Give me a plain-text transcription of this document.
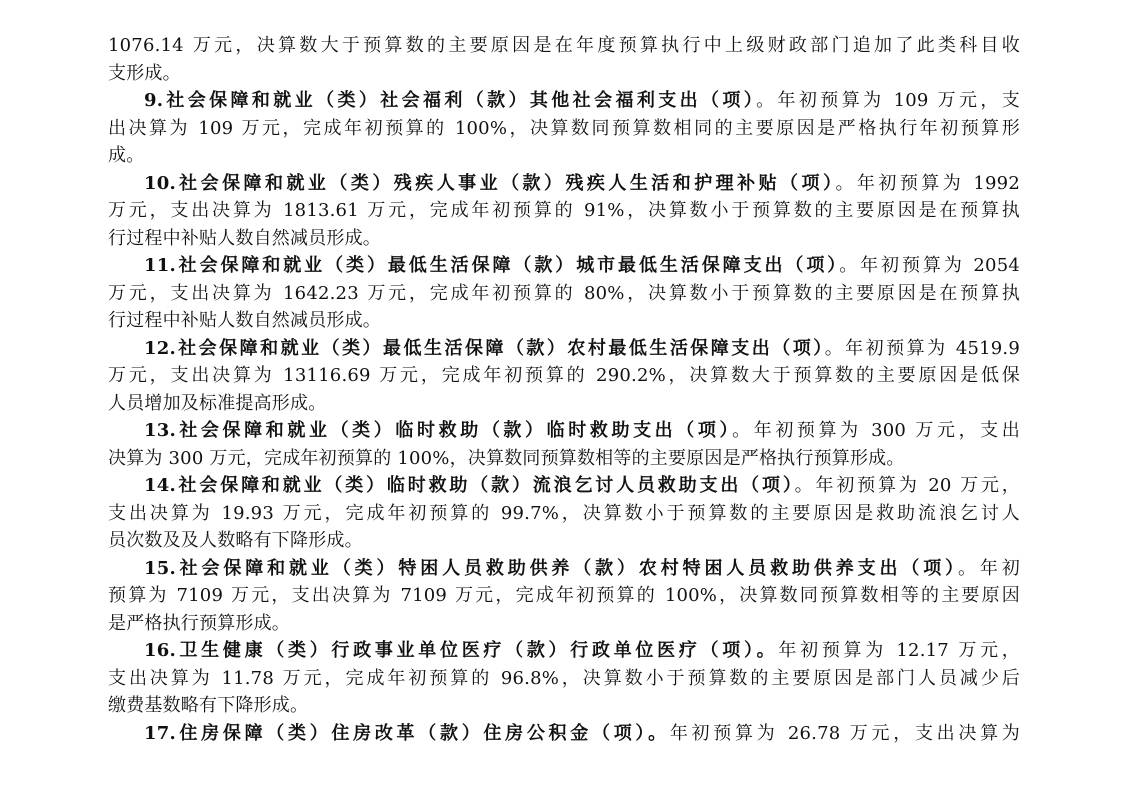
1076.14 万元，决算数大于预算数的主要原因是在年度预算执行中上级财政部门追加了此类科目收
支形成。
9.社会保障和就业（类）社会福利（款）其他社会福利支出（项）。年初预算为 109 万元，支
出决算为 109 万元，完成年初预算的 100%，决算数同预算数相同的主要原因是严格执行年初预算形
成。
10.社会保障和就业（类）残疾人事业（款）残疾人生活和护理补贴（项）。年初预算为 1992
万元，支出决算为 1813.61 万元，完成年初预算的 91%，决算数小于预算数的主要原因是在预算执
行过程中补贴人数自然减员形成。
11.社会保障和就业（类）最低生活保障（款）城市最低生活保障支出（项）。年初预算为 2054
万元，支出决算为 1642.23 万元，完成年初预算的 80%，决算数小于预算数的主要原因是在预算执
行过程中补贴人数自然减员形成。
12.社会保障和就业（类）最低生活保障（款）农村最低生活保障支出（项）。年初预算为 4519.9
万元，支出决算为 13116.69 万元，完成年初预算的 290.2%，决算数大于预算数的主要原因是低保
人员增加及标准提高形成。
13.社会保障和就业（类）临时救助（款）临时救助支出（项）。年初预算为 300 万元，支出
决算为 300 万元，完成年初预算的 100%，决算数同预算数相等的主要原因是严格执行预算形成。
14.社会保障和就业（类）临时救助（款）流浪乞讨人员救助支出（项）。年初预算为 20 万元，
支出决算为 19.93 万元，完成年初预算的 99.7%，决算数小于预算数的主要原因是救助流浪乞讨人
员次数及及人数略有下降形成。
15.社会保障和就业（类）特困人员救助供养（款）农村特困人员救助供养支出（项）。年初
预算为 7109 万元，支出决算为 7109 万元，完成年初预算的 100%，决算数同预算数相等的主要原因
是严格执行预算形成。
16.卫生健康（类）行政事业单位医疗（款）行政单位医疗（项）。年初预算为 12.17 万元，
支出决算为 11.78 万元，完成年初预算的 96.8%，决算数小于预算数的主要原因是部门人员减少后
缴费基数略有下降形成。
17.住房保障（类）住房改革（款）住房公积金（项）。年初预算为 26.78 万元，支出决算为
